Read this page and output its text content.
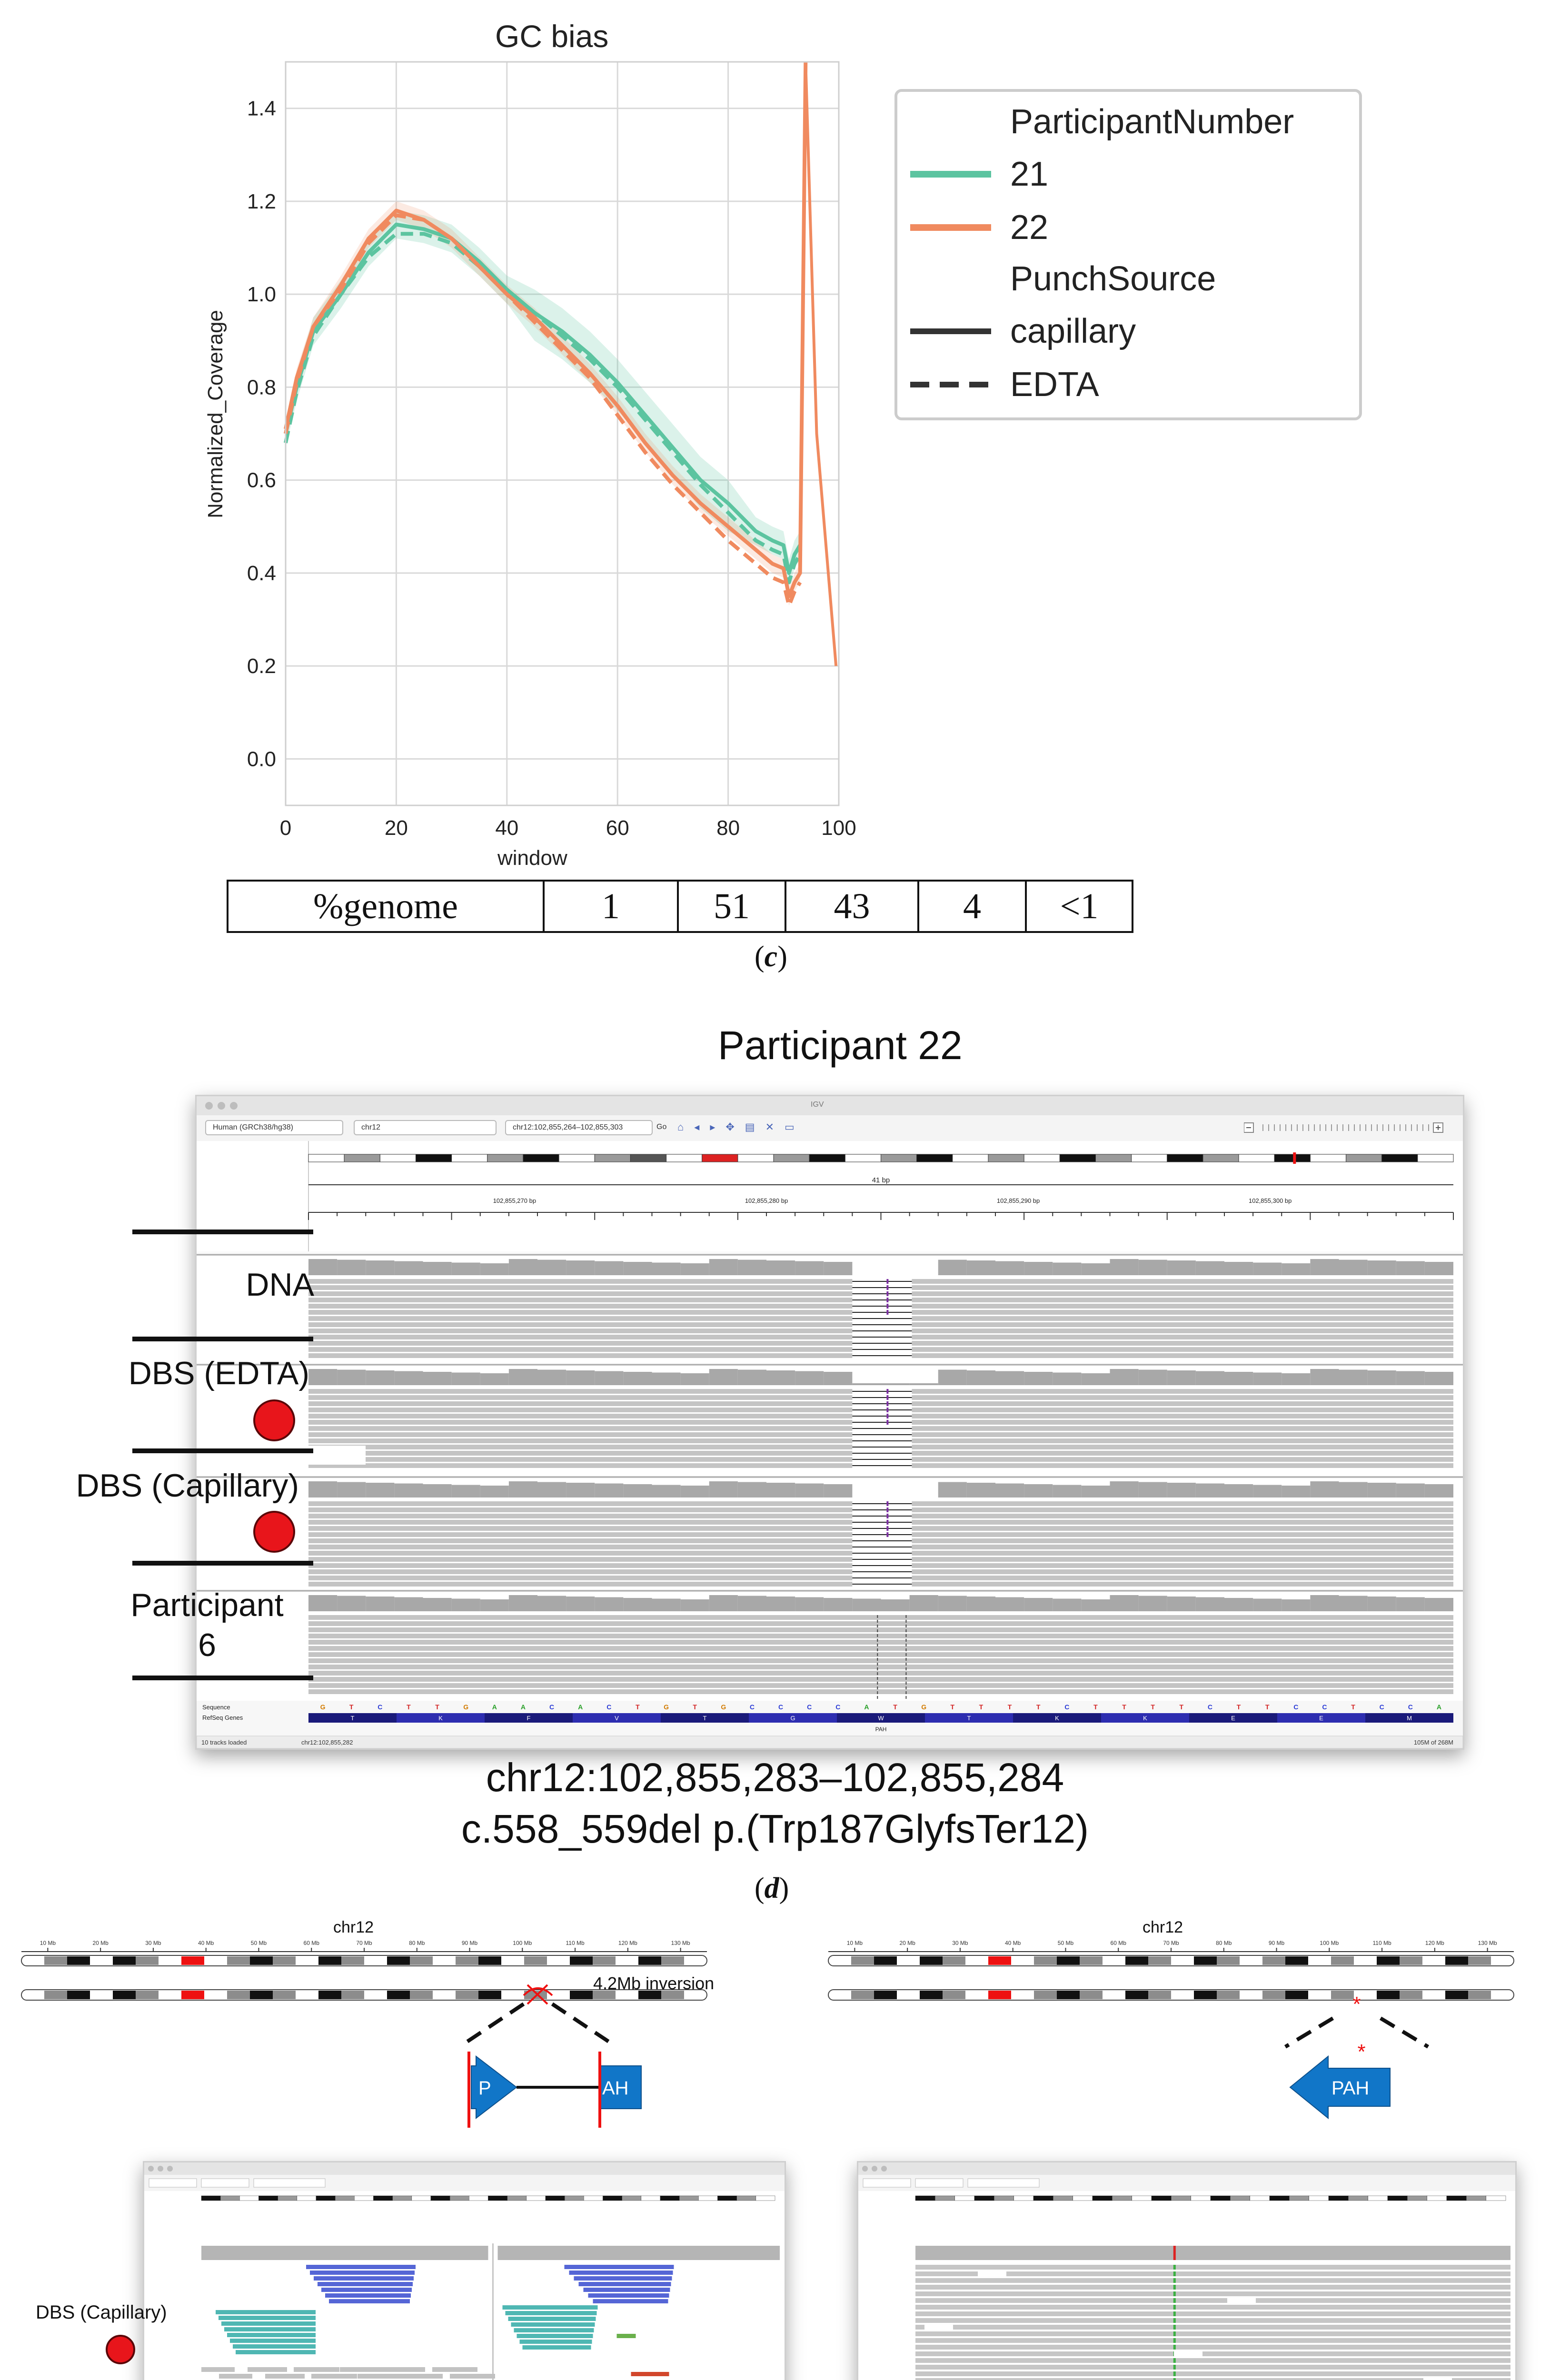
0	20	40	60	80	100
0.0
0.2
0.4
0.6
0.8
1.0
1.2
1.4	ParticipantNumber
21
22
PunchSource
capillary
EDTA
GC bias
window
Normalized_Coverage
%genome	1	51	43	4	<1
(c)
Participant 22
IGV
Human (GRCh38/hg38)	chr12	chr12:102,855,264–102,855,303	Go ⌂◂▸✥▤✕▭
41 bp
102,855,270 bp	102,855,280 bp	102,855,290 bp	102,855,300 bp
Sequence
RefSeq Genes
G	T	C	T	T	G	A	A	C	A	C	T	G	T	G	C	C	C	C	A	T	G	T	T	T	T	C	T	T	T	T	C	T	T	C	C	T	C	C	A
T	K	F	V	T	G	W	T	K	K	E	E	M
PAH
10 tracks loaded	chr12:102,855,282	105M of 268M
DNA
DBS (EDTA)
DBS (Capillary)
Participant
6
chr12:102,855,283–102,855,284
c.558_559del p.(Trp187GlyfsTer12)
(d)
chr12	chr12
10 Mb	20 Mb	30 Mb	40 Mb	50 Mb	60 Mb	70 Mb	80 Mb	90 Mb	100 Mb	110 Mb	120 Mb	130 Mb	10 Mb	20 Mb	30 Mb	40 Mb	50 Mb	60 Mb	70 Mb	80 Mb	90 Mb	100 Mb	110 Mb	120 Mb	130 Mb
*
*
4.2Mb inversion
P	AH	PAH
DBS (Capillary)
